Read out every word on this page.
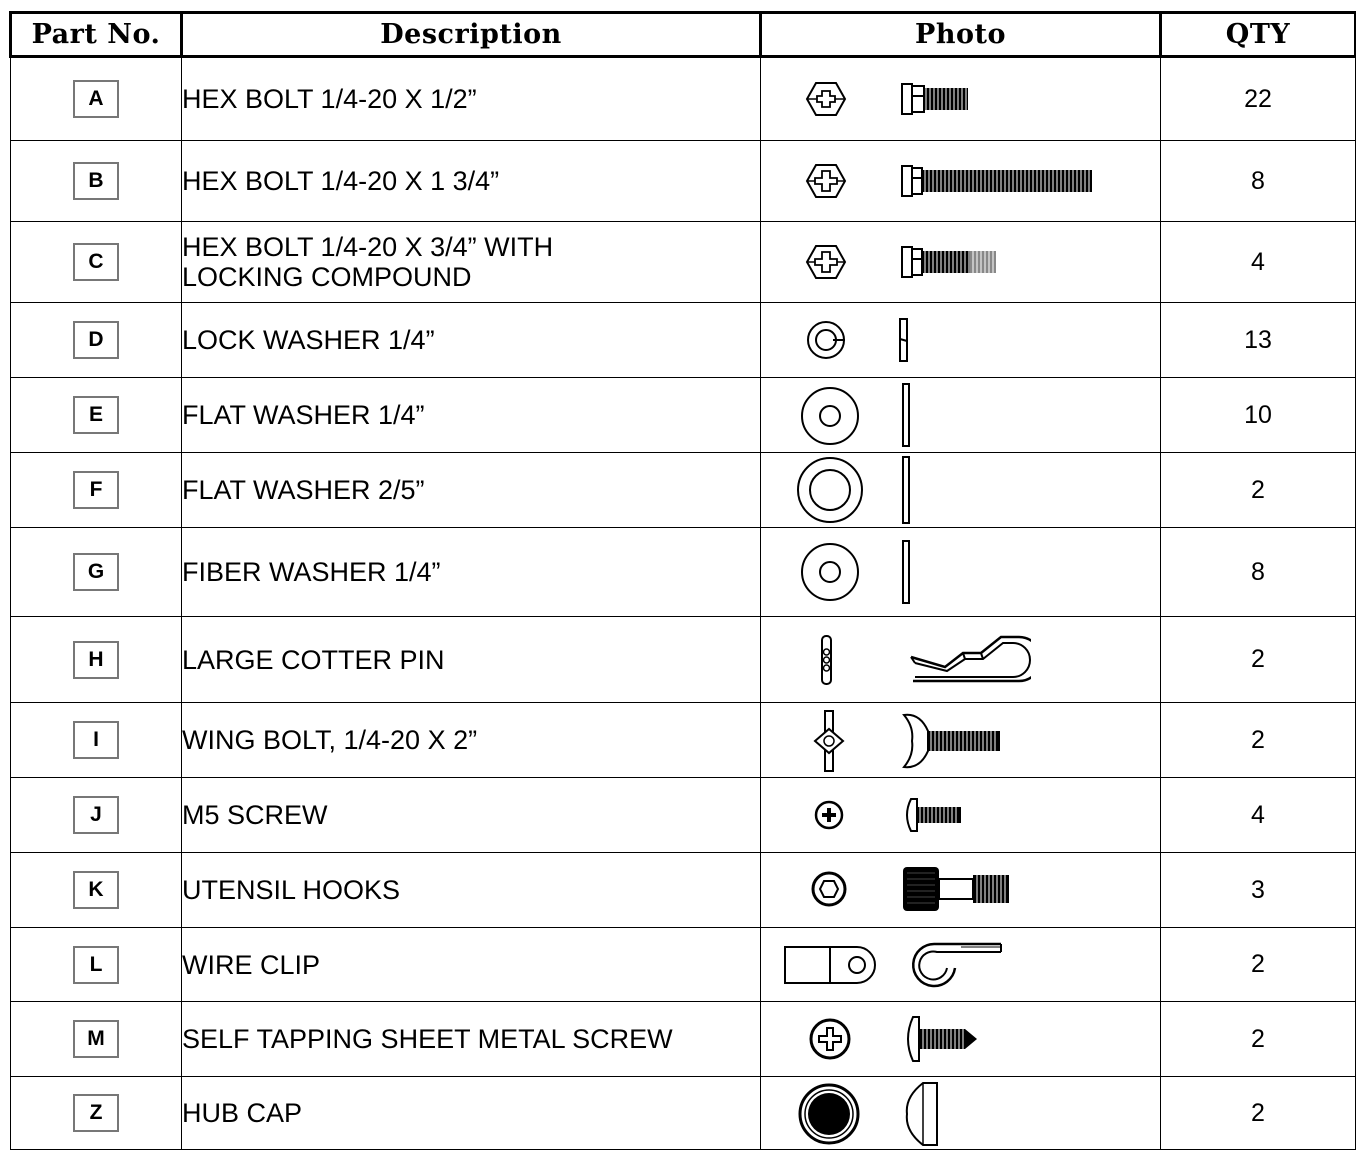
Part No.	Description	Photo	QTY
A	HEX BOLT 1/4-20 X 1/2”		22
B	HEX BOLT 1/4-20 X 1 3/4”		8
C	HEX BOLT 1/4-20 X 3/4” WITH
LOCKING COMPOUND		4
D	LOCK WASHER 1/4”		13
E	FLAT WASHER 1/4”		10
F	FLAT WASHER 2/5”		2
G	FIBER WASHER 1/4”		8
H	LARGE COTTER PIN		2
I	WING BOLT, 1/4-20 X 2”		2
J	M5 SCREW		4
K	UTENSIL HOOKS		3
L	WIRE CLIP		2
M	SELF TAPPING SHEET METAL SCREW		2
Z	HUB CAP		2
